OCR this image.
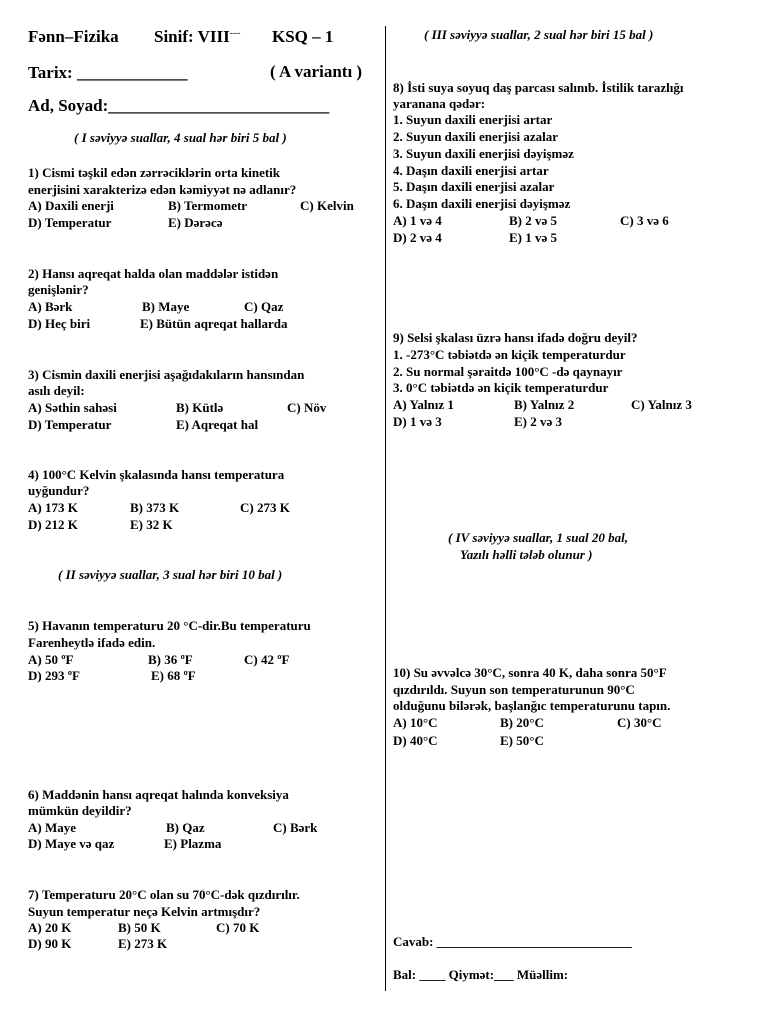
Fənn–Fizika Sinif: VIII---- KSQ – 1
Tarix: _____________	( A variantı )
Ad, Soyad:__________________________
( I səviyyə suallar, 4 sual hər biri 5 bal )
1) Cismi təşkil edən zərrəciklərin orta kinetik
enerjisini xarakterizə edən kəmiyyət nə adlanır?
A) Daxili enerji	B) Termometr	C) Kelvin
D) Temperatur	E) Dərəcə
2) Hansı aqreqat halda olan maddələr istidən
genişlənir?
A) Bərk	B) Maye	C) Qaz
D) Heç biri	E) Bütün aqreqat hallarda
3) Cismin daxili enerjisi aşağıdakıların hansından
asılı deyil:
A) Səthin sahəsi	B) Kütlə	C) Növ
D) Temperatur	E) Aqreqat hal
4) 100°C Kelvin şkalasında hansı temperatura
uyğundur?
A) 173 K	B) 373 K	C) 273 K
D) 212 K	E) 32 K
( II səviyyə suallar, 3 sual hər biri 10 bal )
5) Havanın temperaturu 20 °C-dir.Bu temperaturu
Farenheytlə ifadə edin.
A) 50 ºF	B) 36 ºF	C) 42 ºF
D) 293 ºF	E) 68 ºF
6) Maddənin hansı aqreqat halında konveksiya
mümkün deyildir?
A) Maye	B) Qaz	C) Bərk
D) Maye və qaz	E) Plazma
7) Temperaturu 20°C olan su 70°C-dək qızdırılır.
Suyun temperatur neçə Kelvin artmışdır?
A) 20 K	B) 50 K	C) 70 K
D) 90 K	E) 273 K
( III səviyyə suallar, 2 sual hər biri 15 bal )
8) İsti suya soyuq daş parcası salınıb. İstilik tarazlığı
yaranana qədər:
1. Suyun daxili enerjisi artar
2. Suyun daxili enerjisi azalar
3. Suyun daxili enerjisi dəyişməz
4. Daşın daxili enerjisi artar
5. Daşın daxili enerjisi azalar
6. Daşın daxili enerjisi dəyişməz
A) 1 və 4	B) 2 və 5	C) 3 və 6
D) 2 və 4	E) 1 və 5
9) Selsi şkalası üzrə hansı ifadə doğru deyil?
1. -273°C təbiətdə ən kiçik temperaturdur
2. Su normal şəraitdə 100°C -də qaynayır
3. 0°C təbiətdə ən kiçik temperaturdur
A) Yalnız 1	B) Yalnız 2	C) Yalnız 3
D) 1 və 3	E) 2 və 3
( IV səviyyə suallar, 1 sual 20 bal,
Yazılı həlli tələb olunur )
10) Su əvvəlcə 30°C, sonra 40 K, daha sonra 50°F
qızdırıldı. Suyun son temperaturunun 90°C
olduğunu bilərək, başlanğıc temperaturunu tapın.
A) 10°C	B) 20°C	C) 30°C
D) 40°C	E) 50°C
Cavab: ______________________________
Bal: ____ Qiymət:___ Müəllim:
